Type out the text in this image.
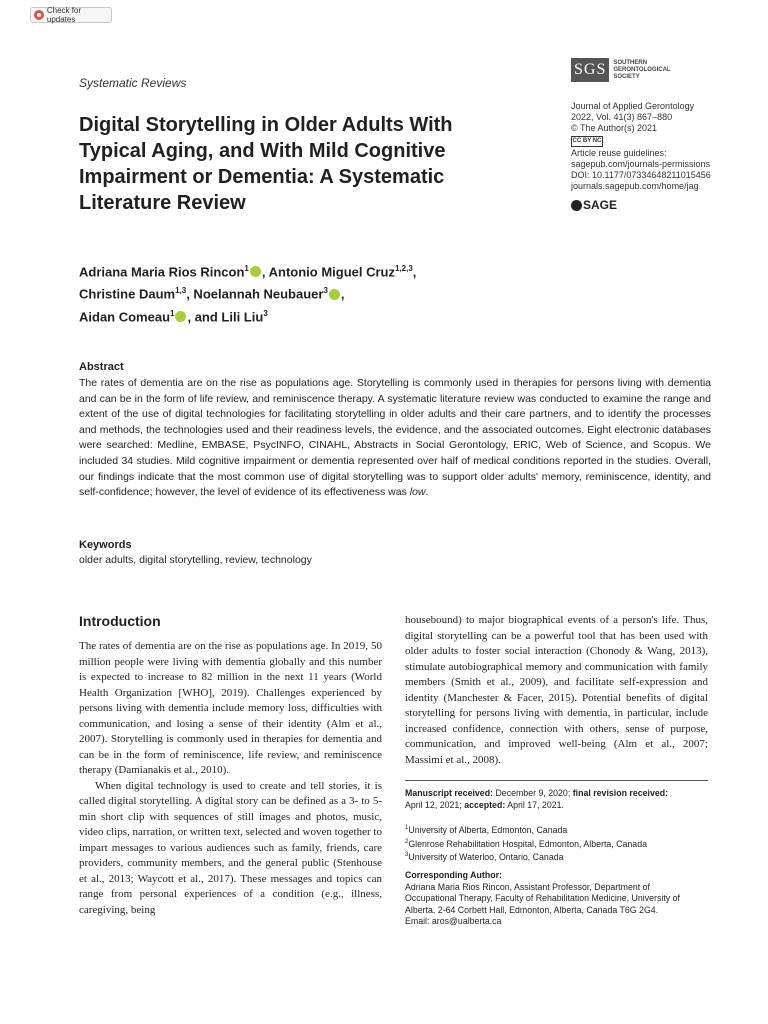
Check for updates
Systematic Reviews
SGS	SOUTHERN
GERONTOLOGICAL
SOCIETY
Journal of Applied Gerontology
2022, Vol. 41(3) 867–880
© The Author(s) 2021
CC BY NC
Article reuse guidelines:
sagepub.com/journals-permissions
DOI: 10.1177/07334648211015456
journals.sagepub.com/home/jag
SAGE
Digital Storytelling in Older Adults With
Typical Aging, and With Mild Cognitive
Impairment or Dementia: A Systematic
Literature Review
Adriana Maria Rios Rincon$^1$ , Antonio Miguel Cruz$^{1,2,3}$,
Christine Daum$^{1,3}$, Noelannah Neubauer$^3$ ,
Aidan Comeau$^1$ , and Lili Liu$^3$
Abstract
The rates of dementia are on the rise as populations age. Storytelling is commonly used in therapies for persons living with dementia and can be in the form of life review, and reminiscence therapy. A systematic literature review was conducted to examine the range and extent of the use of digital technologies for facilitating storytelling in older adults and their care partners, and to identify the processes and methods, the technologies used and their readiness levels, the evidence, and the associated outcomes. Eight electronic databases were searched: Medline, EMBASE, PsycINFO, CINAHL, Abstracts in Social Gerontology, ERIC, Web of Science, and Scopus. We included 34 studies. Mild cognitive impairment or dementia represented over half of medical conditions reported in the studies. Overall, our findings indicate that the most common use of digital storytelling was to support older adults' memory, reminiscence, identity, and self-confidence; however, the level of evidence of its effectiveness was low.
Keywords
older adults, digital storytelling, review, technology
Introduction

The rates of dementia are on the rise as populations age. In 2019, 50 million people were living with dementia globally and this number is expected to increase to 82 million in the next 11 years (World Health Organization [WHO], 2019). Challenges experienced by persons living with dementia include memory loss, difficulties with communication, and losing a sense of their identity (Alm et al., 2007). Storytelling is commonly used in therapies for dementia and can be in the form of reminiscence, life review, and reminiscence therapy (Damianakis et al., 2010).

When digital technology is used to create and tell stories, it is called digital storytelling. A digital story can be defined as a 3- to 5-min short clip with sequences of still images and photos, music, video clips, narration, or written text, selected and woven together to impart messages to various audiences such as family, friends, care providers, community members, and the general public (Stenhouse et al., 2013; Waycott et al., 2017). These messages and topics can range from personal experiences of a condition (e.g., illness, caregiving, being

housebound) to major biographical events of a person's life. Thus, digital storytelling can be a powerful tool that has been used with older adults to foster social interaction (Chonody & Wang, 2013), stimulate autobiographical memory and communication with family members (Smith et al., 2009), and facilitate self-expression and identity (Manchester & Facer, 2015). Potential benefits of digital storytelling for persons living with dementia, in particular, include increased confidence, connection with others, sense of purpose, communication, and improved well-being (Alm et al., 2007; Massimi et al., 2008).

Manuscript received: December 9, 2020; final revision received:
April 12, 2021; accepted: April 17, 2021.
$^1$University of Alberta, Edmonton, Canada
$^2$Glenrose Rehabilitation Hospital, Edmonton, Alberta, Canada
$^3$University of Waterloo, Ontario, Canada
Corresponding Author:
Adriana Maria Rios Rincon, Assistant Professor, Department of
Occupational Therapy, Faculty of Rehabilitation Medicine, University of
Alberta, 2-64 Corbett Hall, Edmonton, Alberta, Canada T6G 2G4.
Email: aros@ualberta.ca
